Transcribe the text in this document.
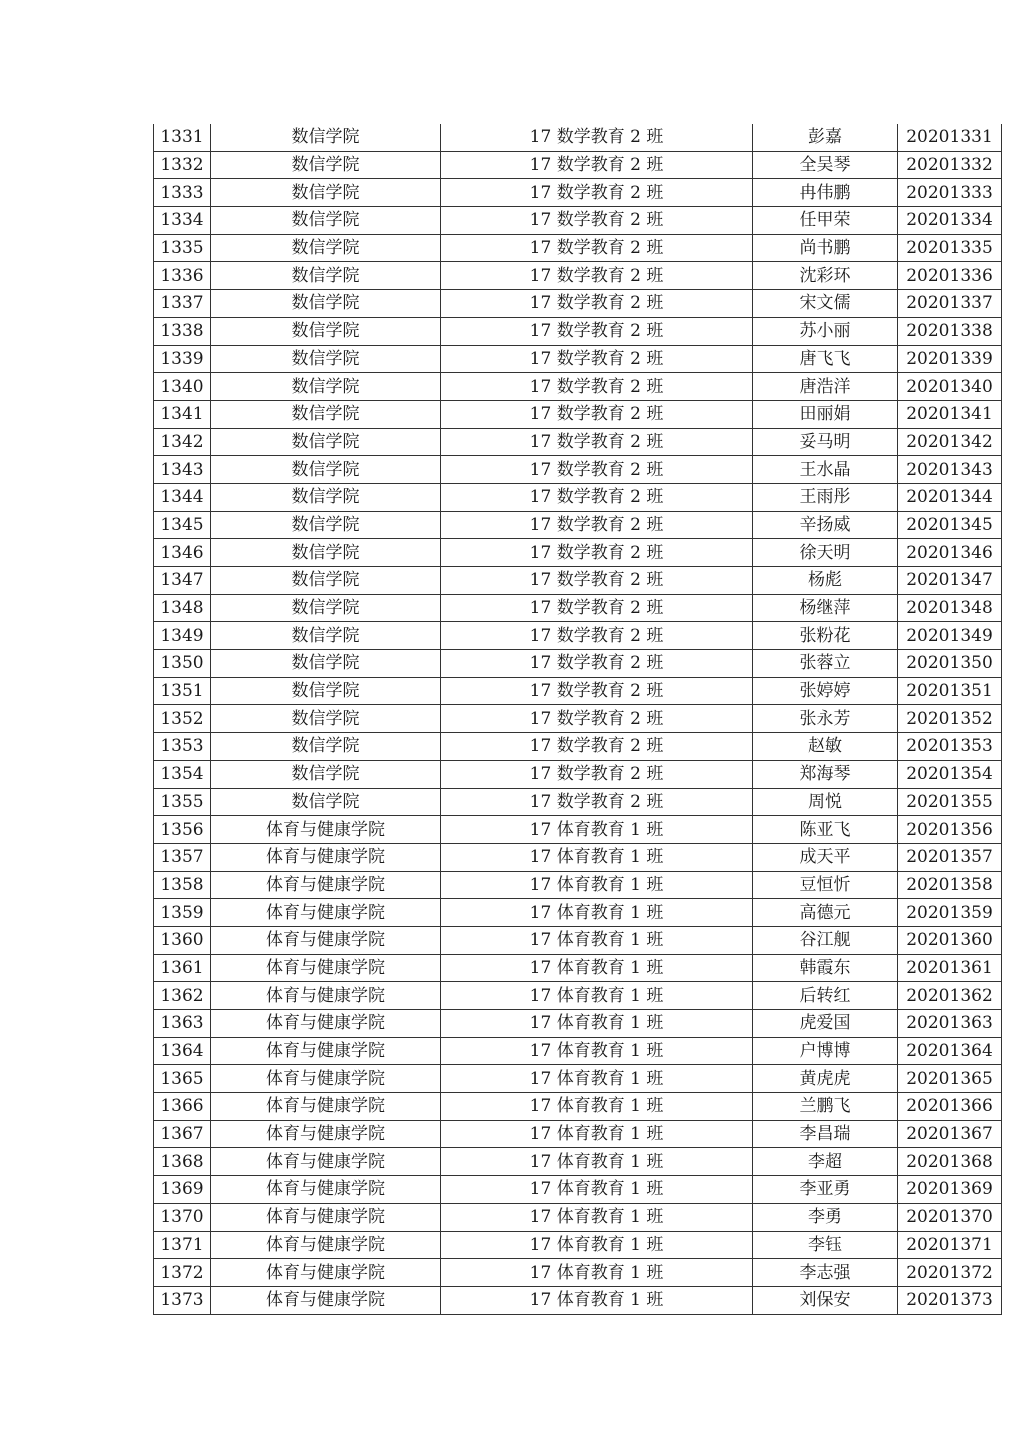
1331	数信学院	17 数学教育 2 班	彭嘉	20201331
1332	数信学院	17 数学教育 2 班	全吴琴	20201332
1333	数信学院	17 数学教育 2 班	冉伟鹏	20201333
1334	数信学院	17 数学教育 2 班	任甲荣	20201334
1335	数信学院	17 数学教育 2 班	尚书鹏	20201335
1336	数信学院	17 数学教育 2 班	沈彩环	20201336
1337	数信学院	17 数学教育 2 班	宋文儒	20201337
1338	数信学院	17 数学教育 2 班	苏小丽	20201338
1339	数信学院	17 数学教育 2 班	唐飞飞	20201339
1340	数信学院	17 数学教育 2 班	唐浩洋	20201340
1341	数信学院	17 数学教育 2 班	田丽娟	20201341
1342	数信学院	17 数学教育 2 班	妥马明	20201342
1343	数信学院	17 数学教育 2 班	王水晶	20201343
1344	数信学院	17 数学教育 2 班	王雨彤	20201344
1345	数信学院	17 数学教育 2 班	辛扬威	20201345
1346	数信学院	17 数学教育 2 班	徐天明	20201346
1347	数信学院	17 数学教育 2 班	杨彪	20201347
1348	数信学院	17 数学教育 2 班	杨继萍	20201348
1349	数信学院	17 数学教育 2 班	张粉花	20201349
1350	数信学院	17 数学教育 2 班	张蓉立	20201350
1351	数信学院	17 数学教育 2 班	张婷婷	20201351
1352	数信学院	17 数学教育 2 班	张永芳	20201352
1353	数信学院	17 数学教育 2 班	赵敏	20201353
1354	数信学院	17 数学教育 2 班	郑海琴	20201354
1355	数信学院	17 数学教育 2 班	周悦	20201355
1356	体育与健康学院	17 体育教育 1 班	陈亚飞	20201356
1357	体育与健康学院	17 体育教育 1 班	成天平	20201357
1358	体育与健康学院	17 体育教育 1 班	豆恒忻	20201358
1359	体育与健康学院	17 体育教育 1 班	高德元	20201359
1360	体育与健康学院	17 体育教育 1 班	谷江舰	20201360
1361	体育与健康学院	17 体育教育 1 班	韩霞东	20201361
1362	体育与健康学院	17 体育教育 1 班	后转红	20201362
1363	体育与健康学院	17 体育教育 1 班	虎爱国	20201363
1364	体育与健康学院	17 体育教育 1 班	户博博	20201364
1365	体育与健康学院	17 体育教育 1 班	黄虎虎	20201365
1366	体育与健康学院	17 体育教育 1 班	兰鹏飞	20201366
1367	体育与健康学院	17 体育教育 1 班	李昌瑞	20201367
1368	体育与健康学院	17 体育教育 1 班	李超	20201368
1369	体育与健康学院	17 体育教育 1 班	李亚勇	20201369
1370	体育与健康学院	17 体育教育 1 班	李勇	20201370
1371	体育与健康学院	17 体育教育 1 班	李钰	20201371
1372	体育与健康学院	17 体育教育 1 班	李志强	20201372
1373	体育与健康学院	17 体育教育 1 班	刘保安	20201373
